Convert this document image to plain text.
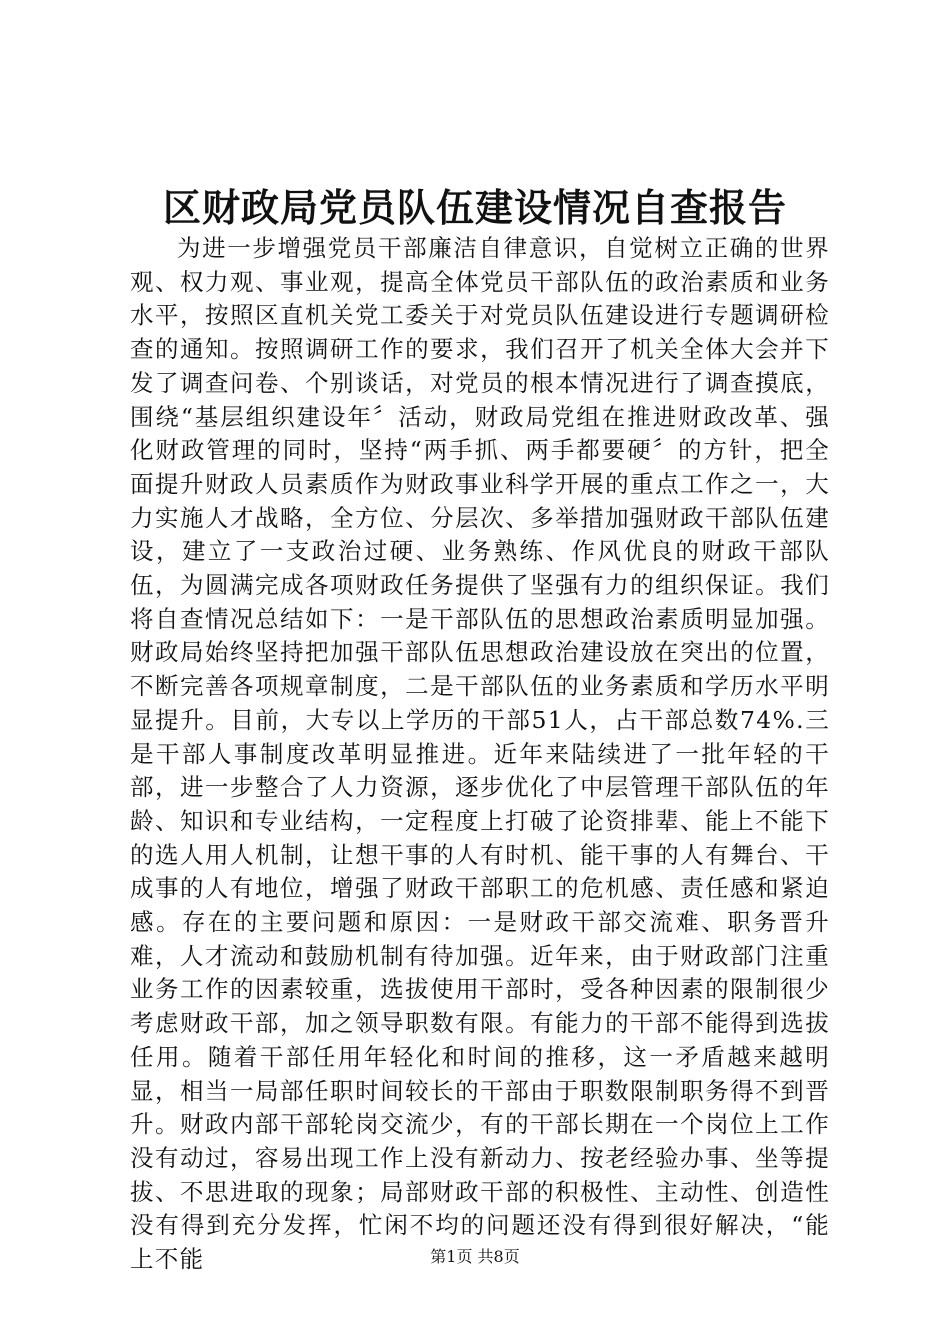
区财政局党员队伍建设情况自查报告

为进一步增强党员干部廉洁自律意识，自觉树立正确的世界观、权力观、事业观，提高全体党员干部队伍的政治素质和业务水平，按照区直机关党工委关于对党员队伍建设进行专题调研检查的通知。按照调研工作的要求，我们召开了机关全体大会并下发了调查问卷、个别谈话，对党员的根本情况进行了调查摸底，围绕“基层组织建设年〞活动，财政局党组在推进财政改革、强化财政管理的同时，坚持“两手抓、两手都要硬〞的方针，把全面提升财政人员素质作为财政事业科学开展的重点工作之一，大力实施人才战略，全方位、分层次、多举措加强财政干部队伍建设，建立了一支政治过硬、业务熟练、作风优良的财政干部队伍，为圆满完成各项财政任务提供了坚强有力的组织保证。我们将自查情况总结如下：一是干部队伍的思想政治素质明显加强。财政局始终坚持把加强干部队伍思想政治建设放在突出的位置，不断完善各项规章制度，二是干部队伍的业务素质和学历水平明显提升。目前，大专以上学历的干部51人，占干部总数74%.三是干部人事制度改革明显推进。近年来陆续进了一批年轻的干部，进一步整合了人力资源，逐步优化了中层管理干部队伍的年龄、知识和专业结构，一定程度上打破了论资排辈、能上不能下的选人用人机制，让想干事的人有时机、能干事的人有舞台、干成事的人有地位，增强了财政干部职工的危机感、责任感和紧迫感。存在的主要问题和原因：一是财政干部交流难、职务晋升难，人才流动和鼓励机制有待加强。近年来，由于财政部门注重业务工作的因素较重，选拔使用干部时，受各种因素的限制很少考虑财政干部，加之领导职数有限。有能力的干部不能得到选拔任用。随着干部任用年轻化和时间的推移，这一矛盾越来越明显，相当一局部任职时间较长的干部由于职数限制职务得不到晋升。财政内部干部轮岗交流少，有的干部长期在一个岗位上工作没有动过，容易出现工作上没有新动力、按老经验办事、坐等提拔、不思进取的现象；局部财政干部的积极性、主动性、创造性没有得到充分发挥，忙闲不均的问题还没有得到很好解决，“能上不能	第1页 共8页
